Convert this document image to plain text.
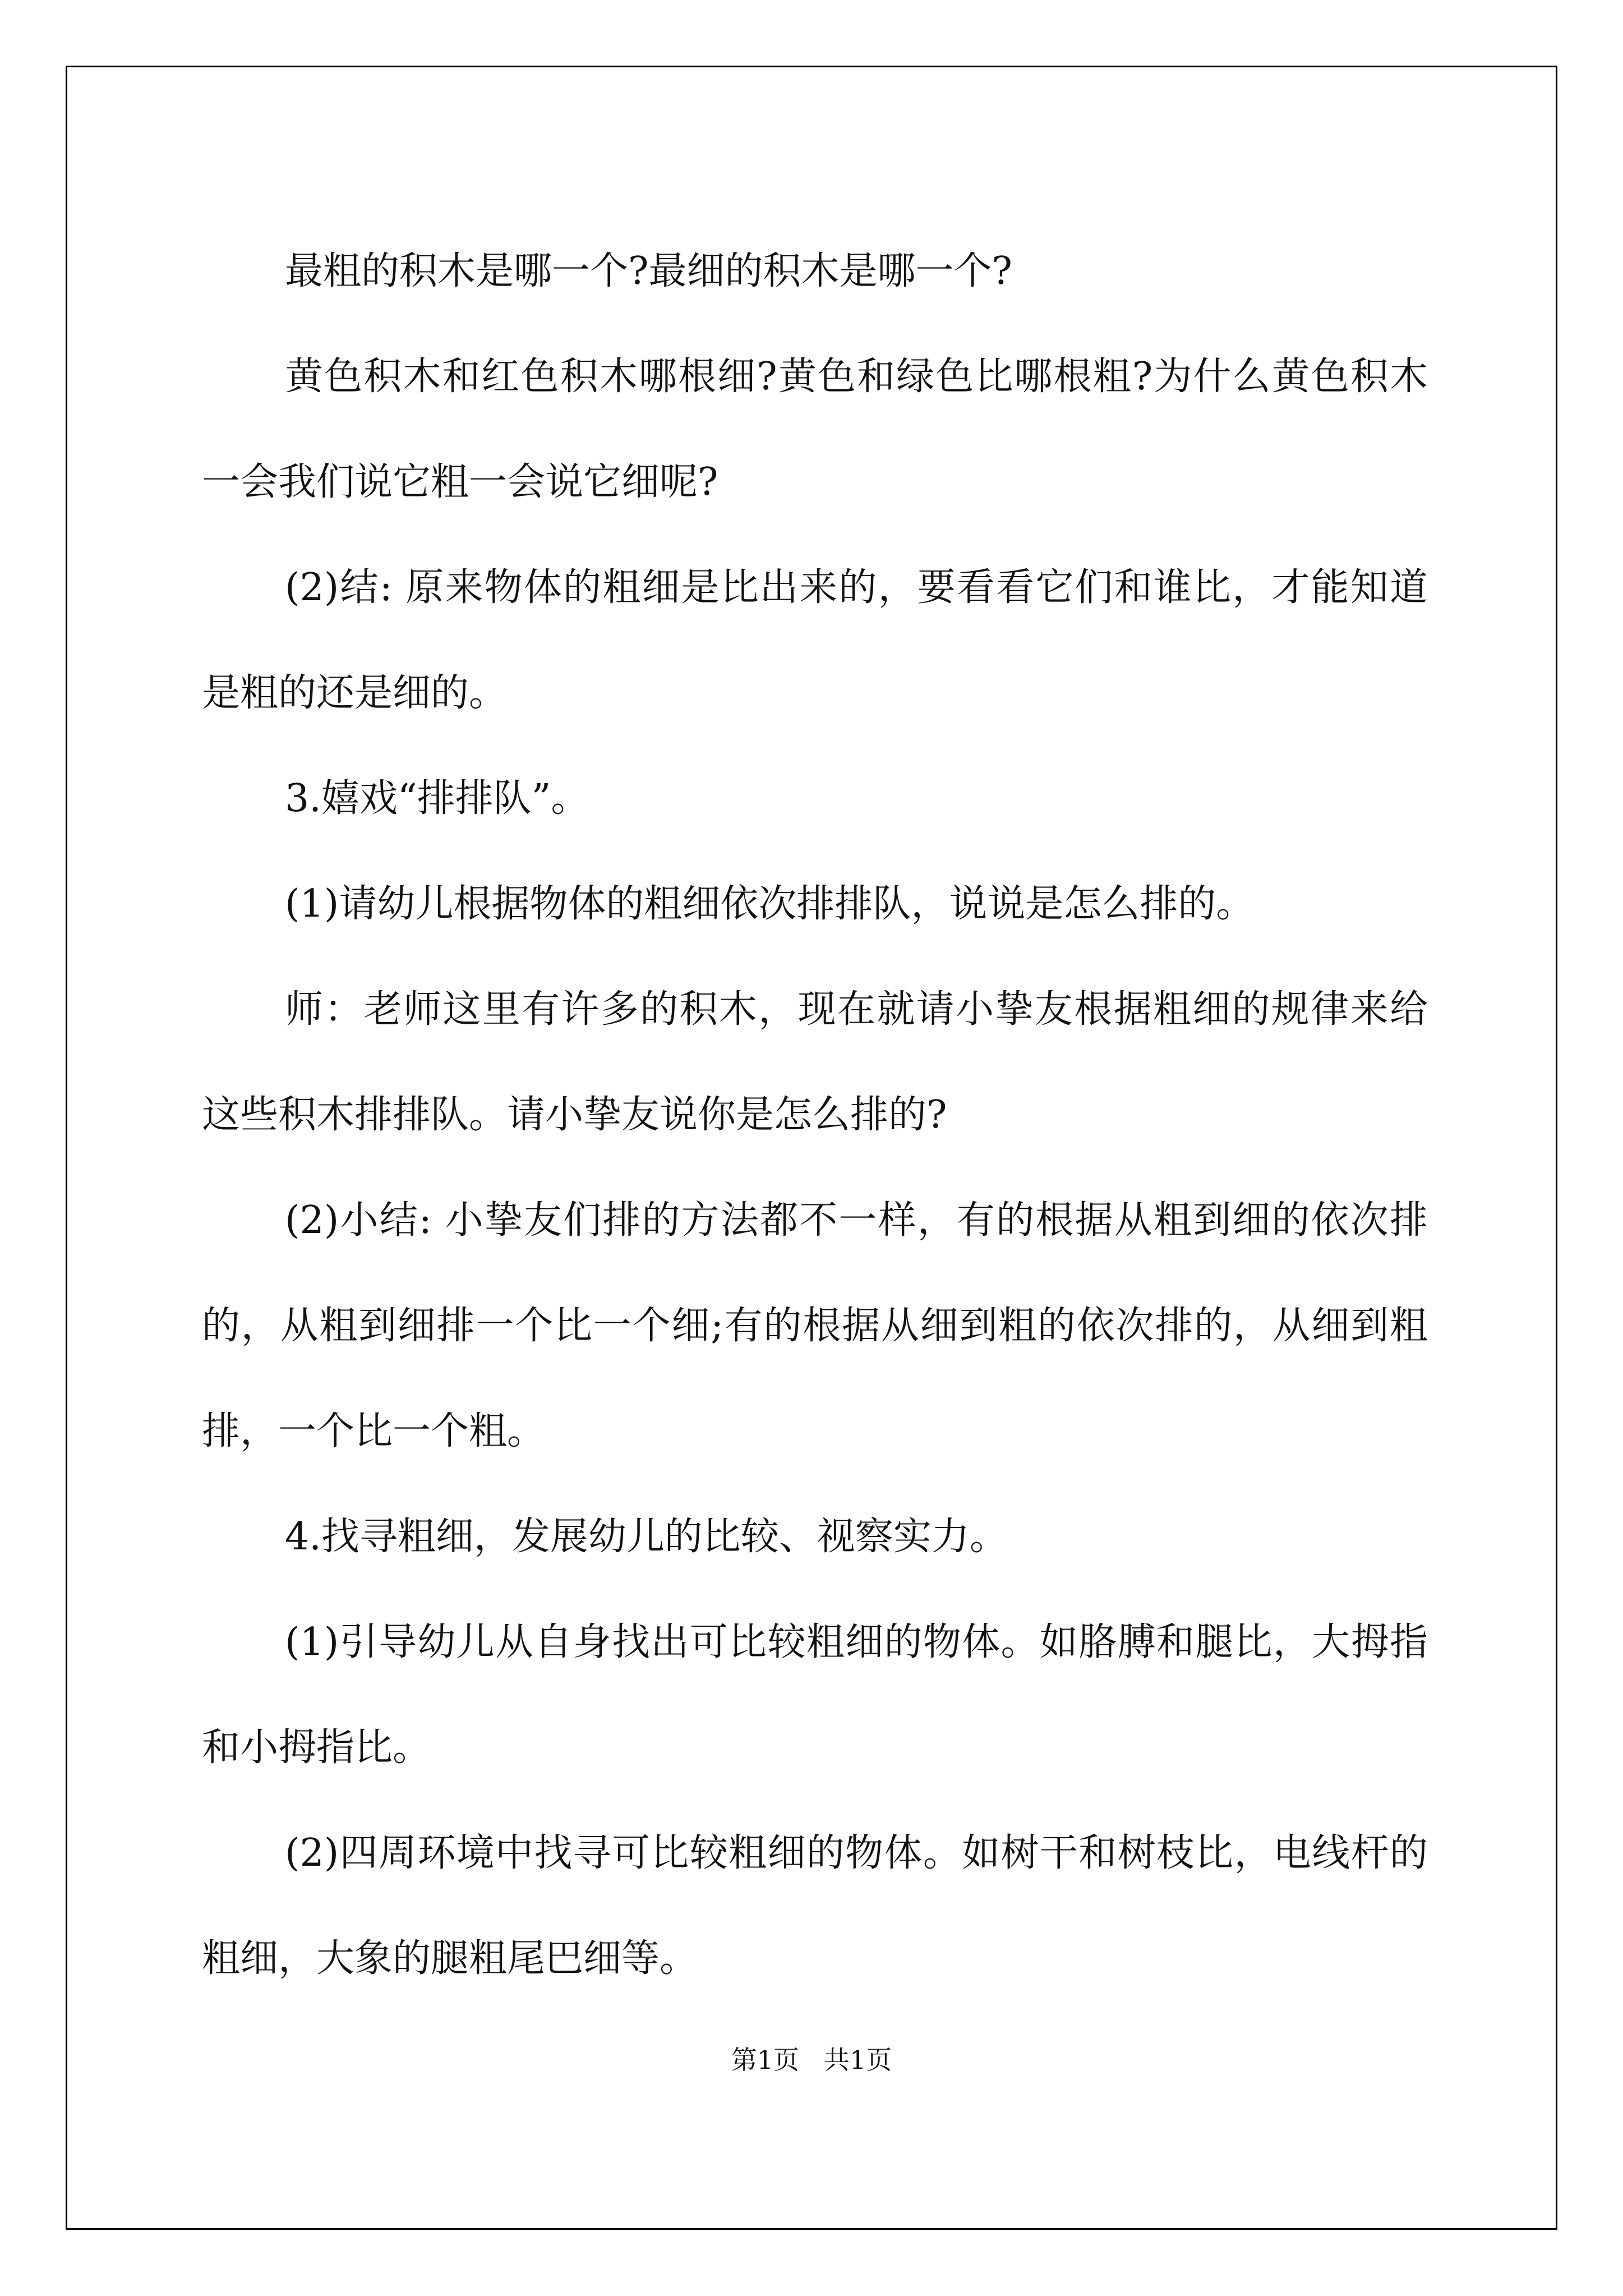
最粗的积木是哪一个?最细的积木是哪一个?

黄色积木和红色积木哪根细?黄色和绿色比哪根粗?为什么黄色积木一会我们说它粗一会说它细呢?

(2)结: 原来物体的粗细是比出来的，要看看它们和谁比，才能知道是粗的还是细的。

3.嬉戏“排排队”。

(1)请幼儿根据物体的粗细依次排排队，说说是怎么排的。

师：老师这里有许多的积木，现在就请小挚友根据粗细的规律来给这些积木排排队。请小挚友说你是怎么排的?

(2)小结: 小挚友们排的方法都不一样，有的根据从粗到细的依次排的，从粗到细排一个比一个细;有的根据从细到粗的依次排的，从细到粗排，一个比一个粗。

4.找寻粗细，发展幼儿的比较、视察实力。

(1)引导幼儿从自身找出可比较粗细的物体。如胳膊和腿比，大拇指和小拇指比。

(2)四周环境中找寻可比较粗细的物体。如树干和树枝比，电线杆的粗细，大象的腿粗尾巴细等。

第1页 共1页
